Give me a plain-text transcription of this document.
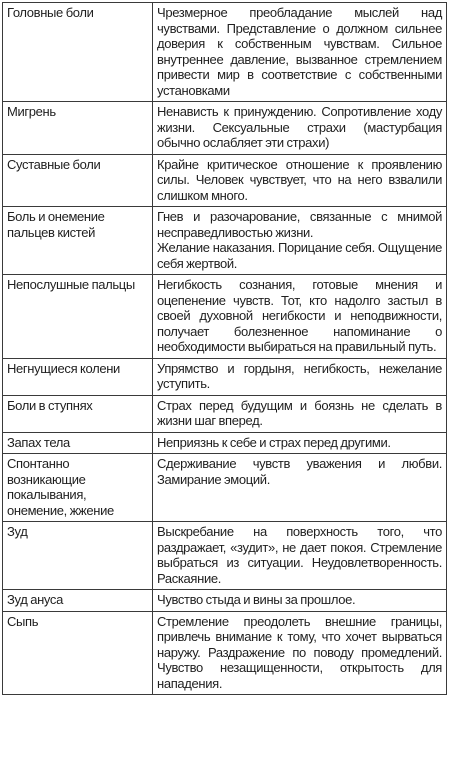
Головные боли	Чрезмерное преобладание мыслей над чувствами. Представление о должном сильнее доверия к собственным чувствам. Сильное внутреннее давление, вызванное стремлением привести мир в соответствие с собственными установками

Мигрень	Ненависть к принуждению. Сопротивление ходу жизни. Сексуальные страхи (мастурбация обычно ослабляет эти страхи)

Суставные боли	Крайне критическое отношение к проявлению силы. Человек чувствует, что на него взвалили слишком много.

Боль и онемение пальцев кистей	Гнев и разочарование, связанные с мнимой несправедливостью жизни.
Желание наказания. Порицание себя. Ощущение себя жертвой.

Непослушные пальцы	Негибкость сознания, готовые мнения и оцепенение чувств. Тот, кто надолго застыл в своей духовной негибкости и неподвижности, получает болезненное напоминание о необходимости выбираться на правильный путь.

Негнущиеся колени	Упрямство и гордыня, негибкость, нежелание уступить.

Боли в ступнях	Страх перед будущим и боязнь не сделать в жизни шаг вперед.

Запах тела	Неприязнь к себе и страх перед другими.

Спонтанно возникающие покалывания, онемение, жжение	Сдерживание чувств уважения и любви. Замирание эмоций.

Зуд	Выскребание на поверхность того, что раздражает, «зудит», не дает покоя. Стремление выбраться из ситуации. Неудовлетворенность. Раскаяние.

Зуд ануса	Чувство стыда и вины за прошлое.

Сыпь	Стремление преодолеть внешние границы, привлечь внимание к тому, что хочет вырваться наружу. Раздражение по поводу промедлений. Чувство незащищенности, открытость для нападения.
